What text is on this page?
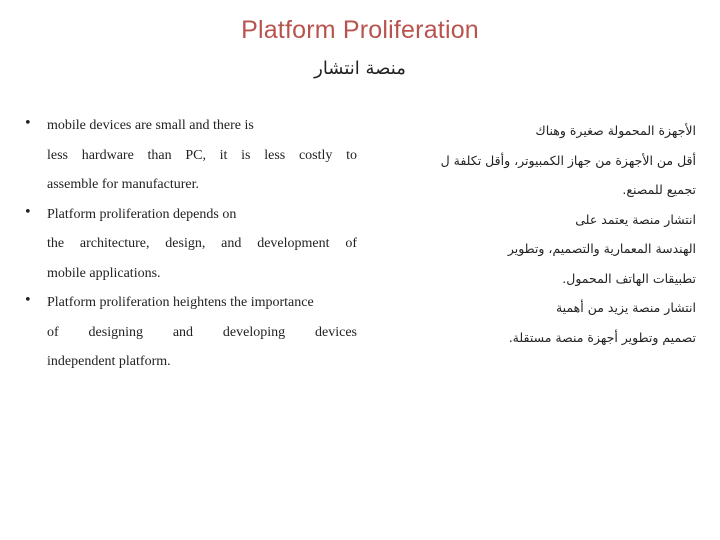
Platform Proliferation
منصة انتشار
• mobile devices are small and there is
less hardware than PC, it is less costly to
assemble for manufacturer.
• Platform proliferation depends on
the architecture, design, and development of
mobile applications.
• Platform proliferation heightens the importance
of designing and developing devices
independent platform.
الأجهزة المحمولة صغيرة وهناك
أقل من الأجهزة من جهاز الكمبيوتر، وأقل تكلفة ل
تجميع للمصنع.
انتشار منصة يعتمد على
الهندسة المعمارية والتصميم، وتطوير
تطبيقات الهاتف المحمول.
انتشار منصة يزيد من أهمية
تصميم وتطوير أجهزة منصة مستقلة.
